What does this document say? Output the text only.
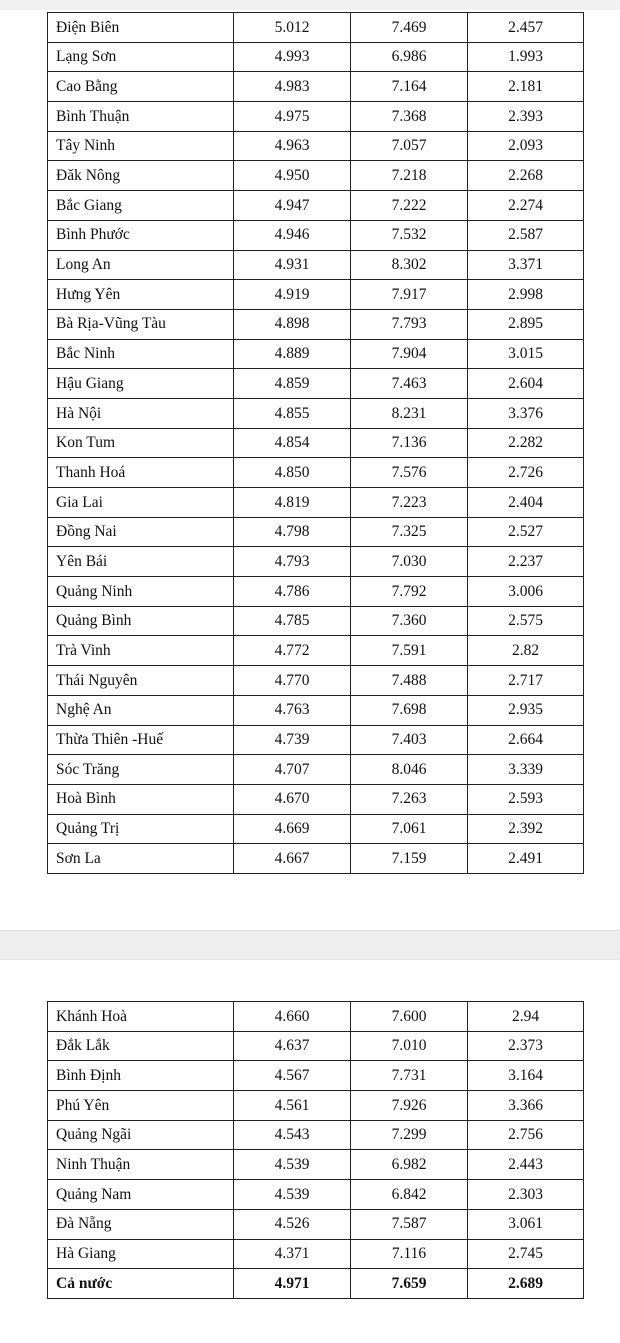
Điện Biên	5.012	7.469	2.457
Lạng Sơn	4.993	6.986	1.993
Cao Bằng	4.983	7.164	2.181
Bình Thuận	4.975	7.368	2.393
Tây Ninh	4.963	7.057	2.093
Đăk Nông	4.950	7.218	2.268
Bắc Giang	4.947	7.222	2.274
Bình Phước	4.946	7.532	2.587
Long An	4.931	8.302	3.371
Hưng Yên	4.919	7.917	2.998
Bà Rịa-Vũng Tàu	4.898	7.793	2.895
Bắc Ninh	4.889	7.904	3.015
Hậu Giang	4.859	7.463	2.604
Hà Nội	4.855	8.231	3.376
Kon Tum	4.854	7.136	2.282
Thanh Hoá	4.850	7.576	2.726
Gia Lai	4.819	7.223	2.404
Đồng Nai	4.798	7.325	2.527
Yên Bái	4.793	7.030	2.237
Quảng Ninh	4.786	7.792	3.006
Quảng Bình	4.785	7.360	2.575
Trà Vinh	4.772	7.591	2.82
Thái Nguyên	4.770	7.488	2.717
Nghệ An	4.763	7.698	2.935
Thừa Thiên -Huế	4.739	7.403	2.664
Sóc Trăng	4.707	8.046	3.339
Hoà Bình	4.670	7.263	2.593
Quảng Trị	4.669	7.061	2.392
Sơn La	4.667	7.159	2.491
Khánh Hoà	4.660	7.600	2.94
Đắk Lắk	4.637	7.010	2.373
Bình Định	4.567	7.731	3.164
Phú Yên	4.561	7.926	3.366
Quảng Ngãi	4.543	7.299	2.756
Ninh Thuận	4.539	6.982	2.443
Quảng Nam	4.539	6.842	2.303
Đà Nẵng	4.526	7.587	3.061
Hà Giang	4.371	7.116	2.745
Cả nước	4.971	7.659	2.689
